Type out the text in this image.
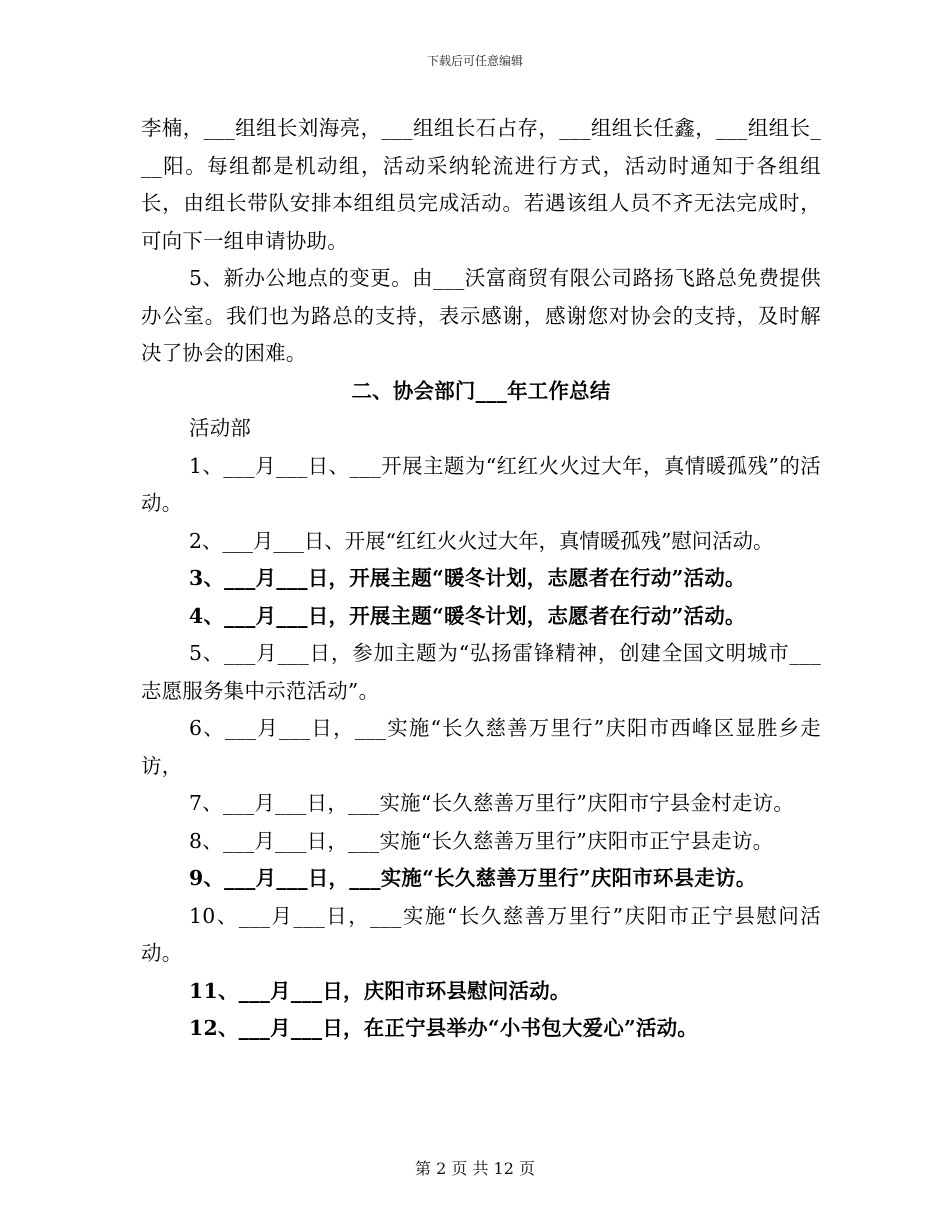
下载后可任意编辑

李楠，___组组长刘海亮，___组组长石占存，___组组长任鑫，___组组长___阳。每组都是机动组，活动采纳轮流进行方式，活动时通知于各组组长，由组长带队安排本组组员完成活动。若遇该组人员不齐无法完成时，可向下一组申请协助。

5、新办公地点的变更。由___沃富商贸有限公司路扬飞路总免费提供办公室。我们也为路总的支持，表示感谢，感谢您对协会的支持，及时解决了协会的困难。

二、协会部门___年工作总结

活动部

1、___月___日、___开展主题为“红红火火过大年，真情暖孤残”的活动。

2、___月___日、开展“红红火火过大年，真情暖孤残”慰问活动。

3、___月___日，开展主题“暖冬计划，志愿者在行动”活动。

4、___月___日，开展主题“暖冬计划，志愿者在行动”活动。

5、___月___日，参加主题为“弘扬雷锋精神，创建全国文明城市___志愿服务集中示范活动”。

6、___月___日，___实施“长久慈善万里行”庆阳市西峰区显胜乡走访，

7、___月___日，___实施“长久慈善万里行”庆阳市宁县金村走访。

8、___月___日，___实施“长久慈善万里行”庆阳市正宁县走访。

9、___月___日，___实施“长久慈善万里行”庆阳市环县走访。

10、___月___日，___实施“长久慈善万里行”庆阳市正宁县慰问活动。

11、___月___日，庆阳市环县慰问活动。

12、___月___日，在正宁县举办“小书包大爱心”活动。

第 2 页 共 12 页
